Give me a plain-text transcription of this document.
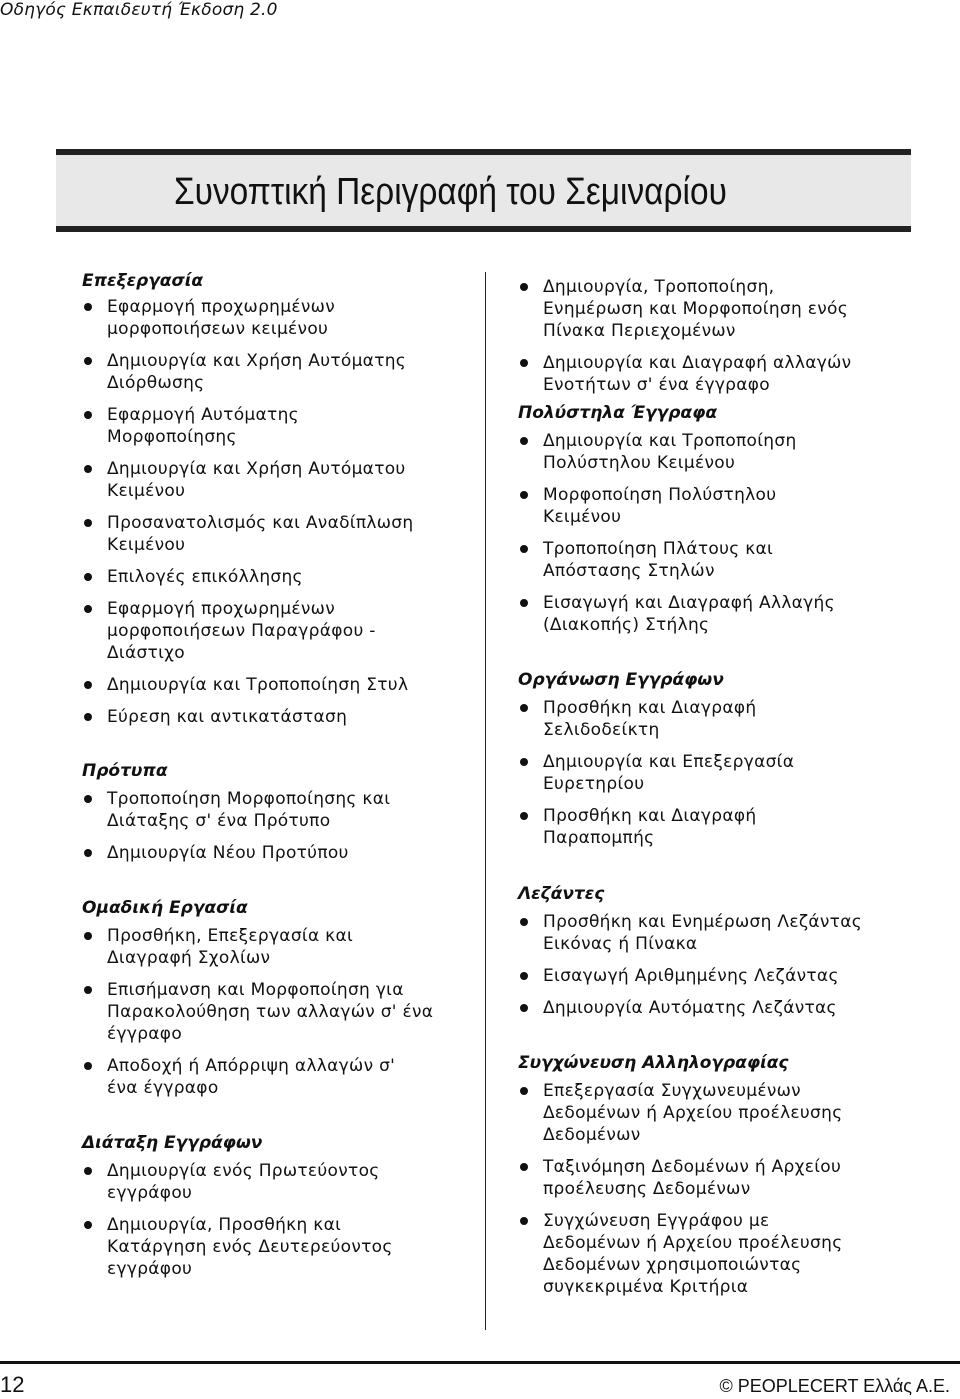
Οδηγός Εκπαιδευτή Έκδοση 2.0
Συνοπτική Περιγραφή του Σεμιναρίου
Επεξεργασία
Εφαρμογή προχωρημένων
μορφοποιήσεων κειμένου
Δημιουργία και Χρήση Αυτόματης
Διόρθωσης
Εφαρμογή Αυτόματης
Μορφοποίησης
Δημιουργία και Χρήση Αυτόματου
Κειμένου
Προσανατολισμός και Αναδίπλωση
Κειμένου
Επιλογές επικόλλησης
Εφαρμογή προχωρημένων
μορφοποιήσεων Παραγράφου -
Διάστιχο
Δημιουργία και Τροποποίηση Στυλ
Εύρεση και αντικατάσταση
Πρότυπα
Τροποποίηση Μορφοποίησης και
Διάταξης σ' ένα Πρότυπο
Δημιουργία Νέου Προτύπου
Ομαδική Εργασία
Προσθήκη, Επεξεργασία και
Διαγραφή Σχολίων
Επισήμανση και Μορφοποίηση για
Παρακολούθηση των αλλαγών σ' ένα
έγγραφο
Αποδοχή ή Απόρριψη αλλαγών σ'
ένα έγγραφο
Διάταξη Εγγράφων
Δημιουργία ενός Πρωτεύοντος
εγγράφου
Δημιουργία, Προσθήκη και
Κατάργηση ενός Δευτερεύοντος
εγγράφου
Δημιουργία, Τροποποίηση,
Ενημέρωση και Μορφοποίηση ενός
Πίνακα Περιεχομένων
Δημιουργία και Διαγραφή αλλαγών
Ενοτήτων σ' ένα έγγραφο
Πολύστηλα Έγγραφα
Δημιουργία και Τροποποίηση
Πολύστηλου Κειμένου
Μορφοποίηση Πολύστηλου
Κειμένου
Τροποποίηση Πλάτους και
Απόστασης Στηλών
Εισαγωγή και Διαγραφή Αλλαγής
(Διακοπής) Στήλης
Οργάνωση Εγγράφων
Προσθήκη και Διαγραφή
Σελιδοδείκτη
Δημιουργία και Επεξεργασία
Ευρετηρίου
Προσθήκη και Διαγραφή
Παραπομπής
Λεζάντες
Προσθήκη και Ενημέρωση Λεζάντας
Εικόνας ή Πίνακα
Εισαγωγή Αριθμημένης Λεζάντας
Δημιουργία Αυτόματης Λεζάντας
Συγχώνευση Αλληλογραφίας
Επεξεργασία Συγχωνευμένων
Δεδομένων ή Αρχείου προέλευσης
Δεδομένων
Ταξινόμηση Δεδομένων ή Αρχείου
προέλευσης Δεδομένων
Συγχώνευση Εγγράφου με
Δεδομένων ή Αρχείου προέλευσης
Δεδομένων χρησιμοποιώντας
συγκεκριμένα Κριτήρια
12	© PEOPLECERT Ελλάς Α.Ε.
